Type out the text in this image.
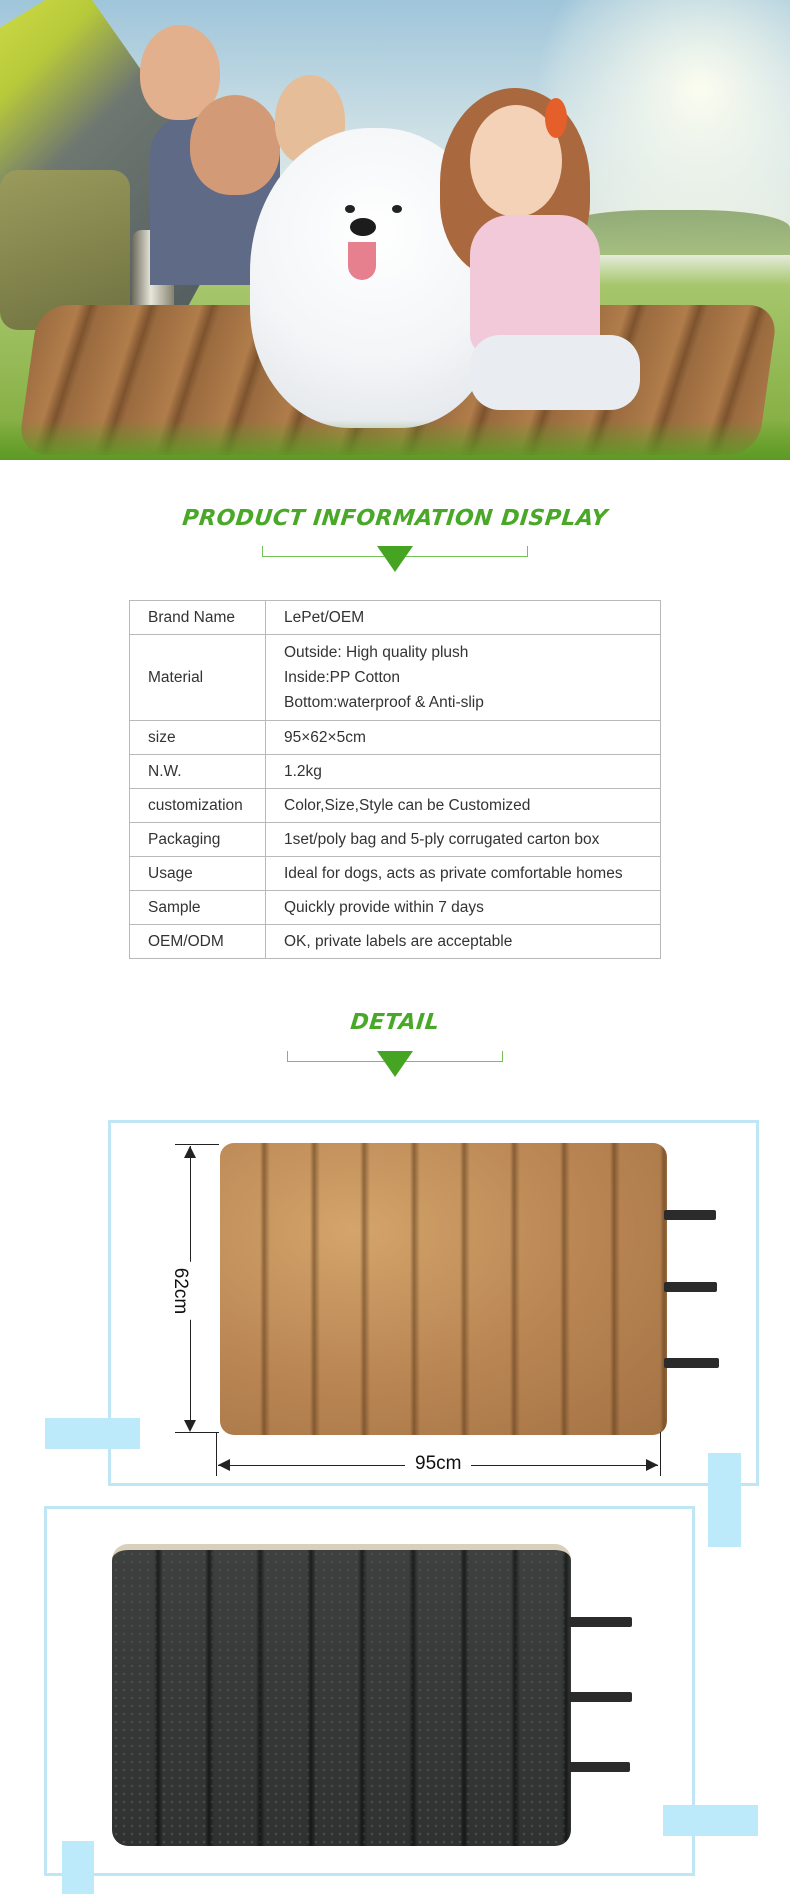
PRODUCT INFORMATION DISPLAY
Brand Name	LePet/OEM
Material	Outside: High quality plush
Inside:PP Cotton
Bottom:waterproof & Anti-slip

size	95×62×5cm
N.W.	1.2kg
customization	Color,Size,Style can be Customized
Packaging	1set/poly bag and 5-ply corrugated carton box
Usage	Ideal for dogs, acts as private comfortable homes
Sample	Quickly provide within 7 days
OEM/ODM	OK, private labels are acceptable
DETAIL
62cm
95cm
